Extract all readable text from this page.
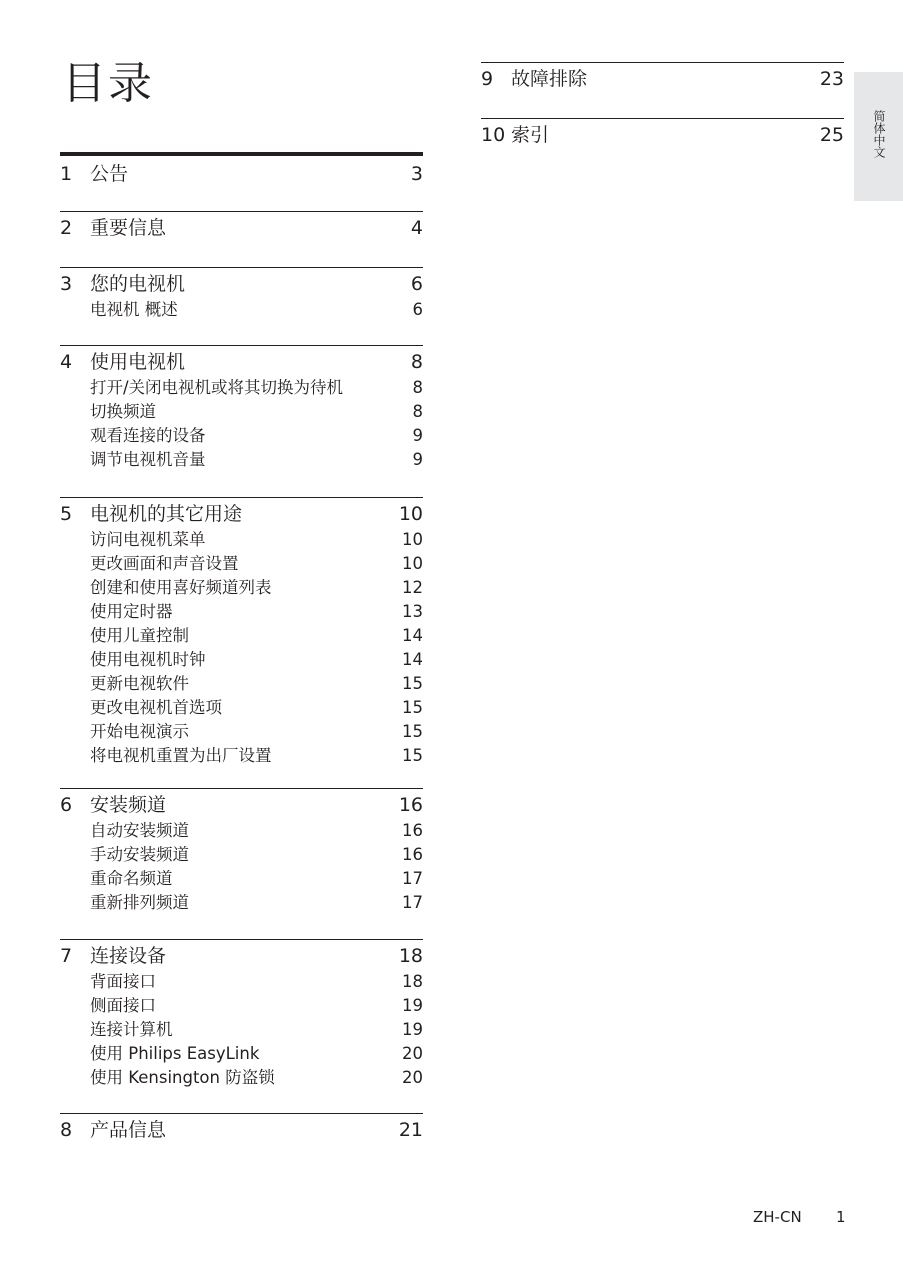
目录
1 公告	3
2 重要信息	4
3 您的电视机	6
电视机 概述	6
4 使用电视机	8
打开/关闭电视机或将其切换为待机	8
切换频道	8
观看连接的设备	9
调节电视机音量	9
5 电视机的其它用途	10
访问电视机菜单	10
更改画面和声音设置	10
创建和使用喜好频道列表	12
使用定时器	13
使用儿童控制	14
使用电视机时钟	14
更新电视软件	15
更改电视机首选项	15
开始电视演示	15
将电视机重置为出厂设置	15
6 安装频道	16
自动安装频道	16
手动安装频道	16
重命名频道	17
重新排列频道	17
7 连接设备	18
背面接口	18
侧面接口	19
连接计算机	19
使用 Philips EasyLink	20
使用 Kensington 防盗锁	20
8 产品信息	21
9 故障排除	23
10 索引	25 简体中文
ZH-CN 1
